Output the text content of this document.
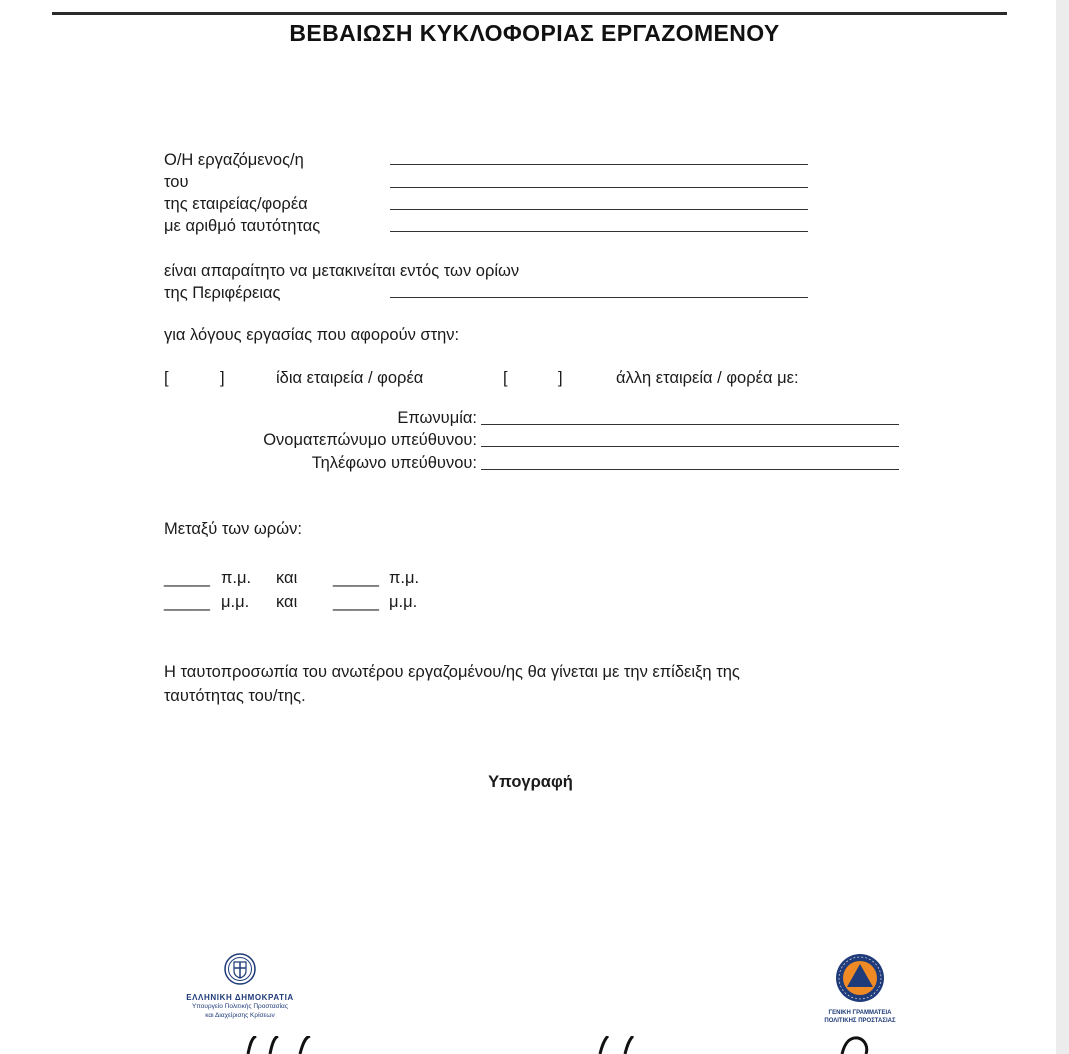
ΒΕΒΑΙΩΣΗ ΚΥΚΛΟΦΟΡΙΑΣ ΕΡΓΑΖΟΜΕΝΟΥ
Ο/Η εργαζόμενος/η
του
της εταιρείας/φορέα
με αριθμό ταυτότητας
είναι απαραίτητο να μετακινείται εντός των ορίων
της Περιφέρειας
για λόγους εργασίας που αφορούν στην:
[	]	ίδια εταιρεία / φορέα	[	]	άλλη εταιρεία / φορέα με:
Επωνυμία:
Ονοματεπώνυμο υπεύθυνου:
Τηλέφωνο υπεύθυνου:
Μεταξύ των ωρών:
_____ π.μ. και _____ π.μ.
_____ μ.μ. και _____ μ.μ.
Η ταυτοπροσωπία του ανωτέρου εργαζομένου/ης θα γίνεται με την επίδειξη της
ταυτότητας του/της.
Υπογραφή
ΕΛΛΗΝΙΚΗ ΔΗΜΟΚΡΑΤΙΑ
Υπουργείο Πολιτικής Προστασίας
και Διαχείρισης Κρίσεων	ΓΕΝΙΚΗ ΓΡΑΜΜΑΤΕΙΑ
ΠΟΛΙΤΙΚΗΣ ΠΡΟΣΤΑΣΙΑΣ
